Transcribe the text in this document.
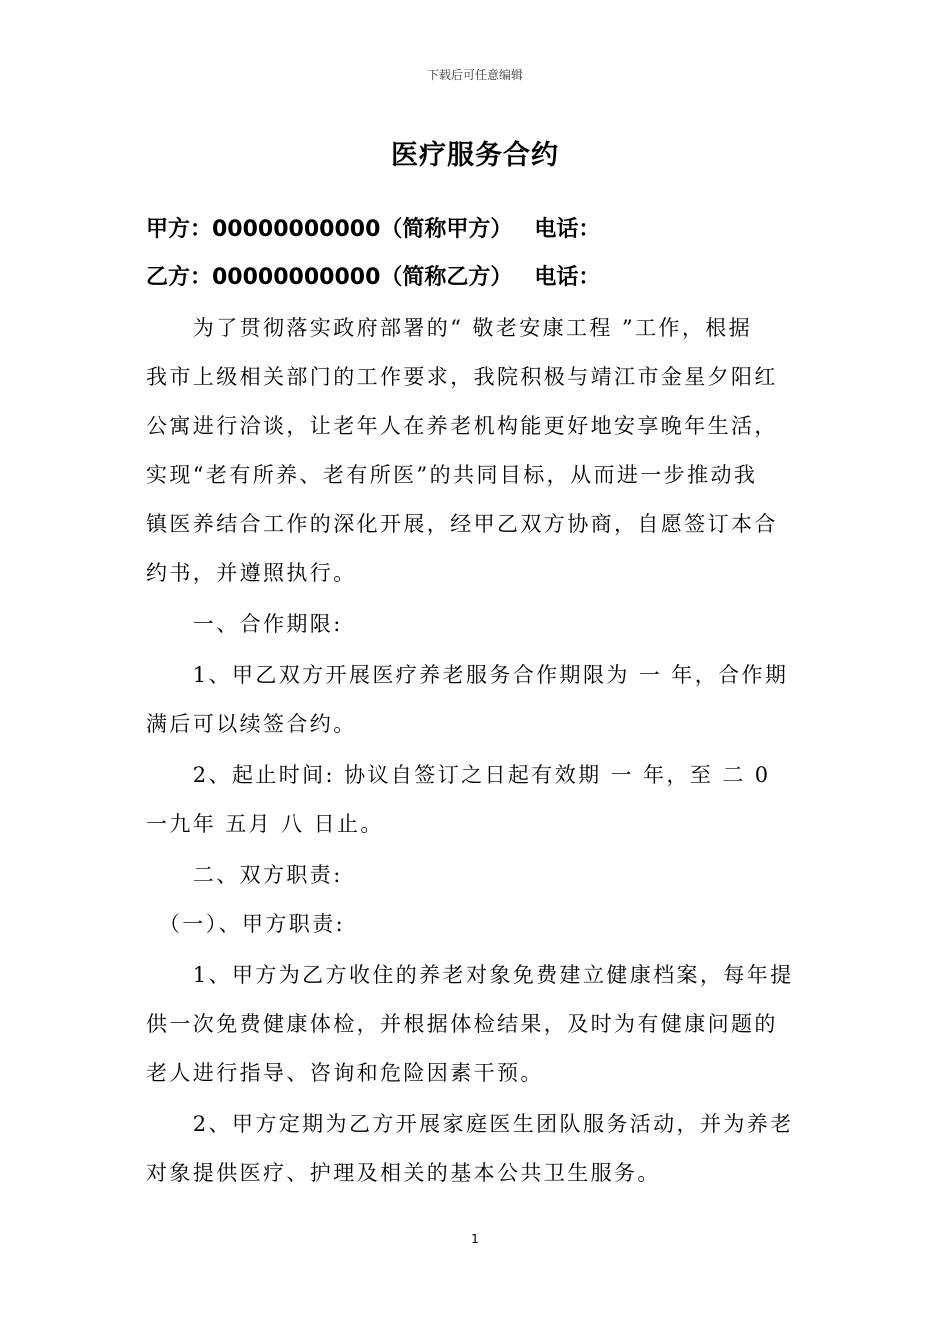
下载后可任意编辑
医疗服务合约
甲方：00000000000（简称甲方） 电话：
乙方：00000000000（简称乙方） 电话：
　　为了贯彻落实政府部署的“ 敬老安康工程 ”工作，根据
我市上级相关部门的工作要求，我院积极与靖江市金星夕阳红
公寓进行洽谈，让老年人在养老机构能更好地安享晚年生活，
实现“老有所养、老有所医”的共同目标，从而进一步推动我
镇医养结合工作的深化开展，经甲乙双方协商，自愿签订本合
约书，并遵照执行。
　　一、合作期限:
　　1、甲乙双方开展医疗养老服务合作期限为 一 年，合作期
满后可以续签合约。
　　2、起止时间: 协议自签订之日起有效期 一 年，至 二 0
一九年 五月 八 日止。
　　二、双方职责:
　（一）、甲方职责:
　　1、甲方为乙方收住的养老对象免费建立健康档案，每年提
供一次免费健康体检，并根据体检结果，及时为有健康问题的
老人进行指导、咨询和危险因素干预。
　　2、甲方定期为乙方开展家庭医生团队服务活动，并为养老
对象提供医疗、护理及相关的基本公共卫生服务。
1
